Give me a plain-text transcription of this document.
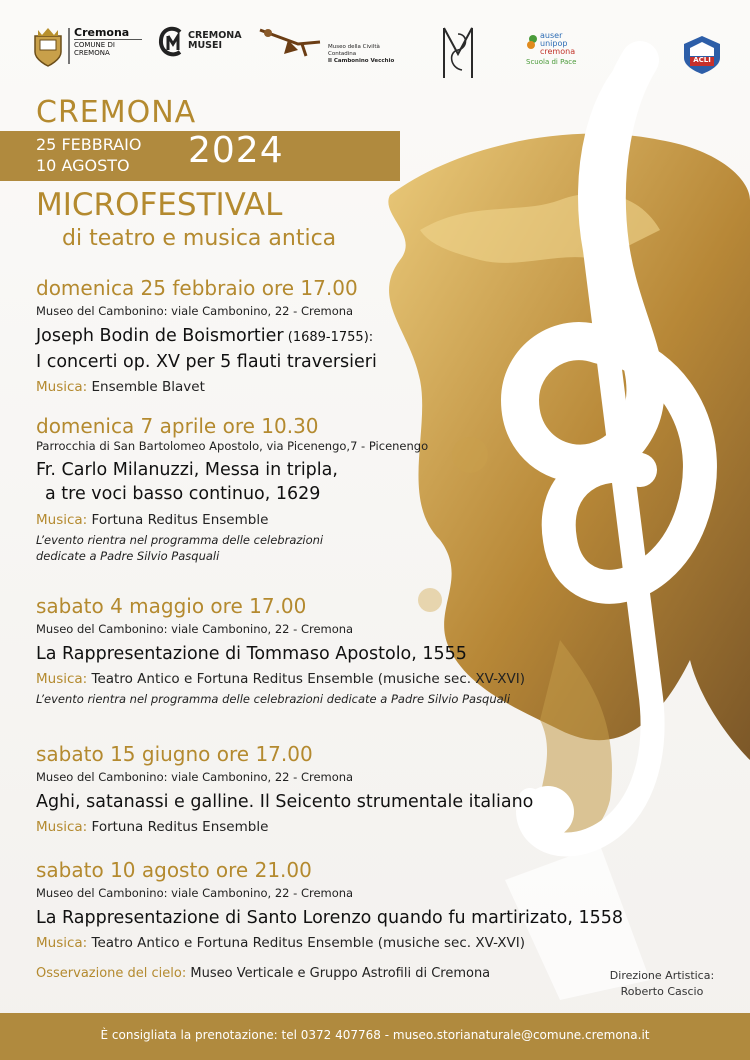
Cremona
COMUNE DI CREMONA
CREMONA
MUSEI	Museo della Civiltà Contadina
Il Cambonino Vecchio
auser
unipop
cremona
Scuola di Pace	ACLI
CREMONA
25 FEBBRAIO
10 AGOSTO	2024
MICROFESTIVAL
di teatro e musica antica
domenica 25 febbraio ore 17.00
Museo del Cambonino: viale Cambonino, 22 - Cremona
Joseph Bodin de Boismortier (1689-1755):
I concerti op. XV per 5 flauti traversieri
Musica: Ensemble Blavet
domenica 7 aprile ore 10.30
Parrocchia di San Bartolomeo Apostolo, via Picenengo,7 - Picenengo
Fr. Carlo Milanuzzi, Messa in tripla,
a tre voci basso continuo, 1629
Musica: Fortuna Reditus Ensemble
L’evento rientra nel programma delle celebrazioni
dedicate a Padre Silvio Pasquali
sabato 4 maggio ore 17.00
Museo del Cambonino: viale Cambonino, 22 - Cremona
La Rappresentazione di Tommaso Apostolo, 1555
Musica: Teatro Antico e Fortuna Reditus Ensemble (musiche sec. XV-XVI)
L’evento rientra nel programma delle celebrazioni dedicate a Padre Silvio Pasquali
sabato 15 giugno ore 17.00
Museo del Cambonino: viale Cambonino, 22 - Cremona
Aghi, satanassi e galline. Il Seicento strumentale italiano
Musica: Fortuna Reditus Ensemble
sabato 10 agosto ore 21.00
Museo del Cambonino: viale Cambonino, 22 - Cremona
La Rappresentazione di Santo Lorenzo quando fu martirizato, 1558
Musica: Teatro Antico e Fortuna Reditus Ensemble (musiche sec. XV-XVI)
Osservazione del cielo: Museo Verticale e Gruppo Astrofili di Cremona	Direzione Artistica:
Roberto Cascio
È consigliata la prenotazione: tel 0372 407768 - museo.storianaturale@comune.cremona.it
